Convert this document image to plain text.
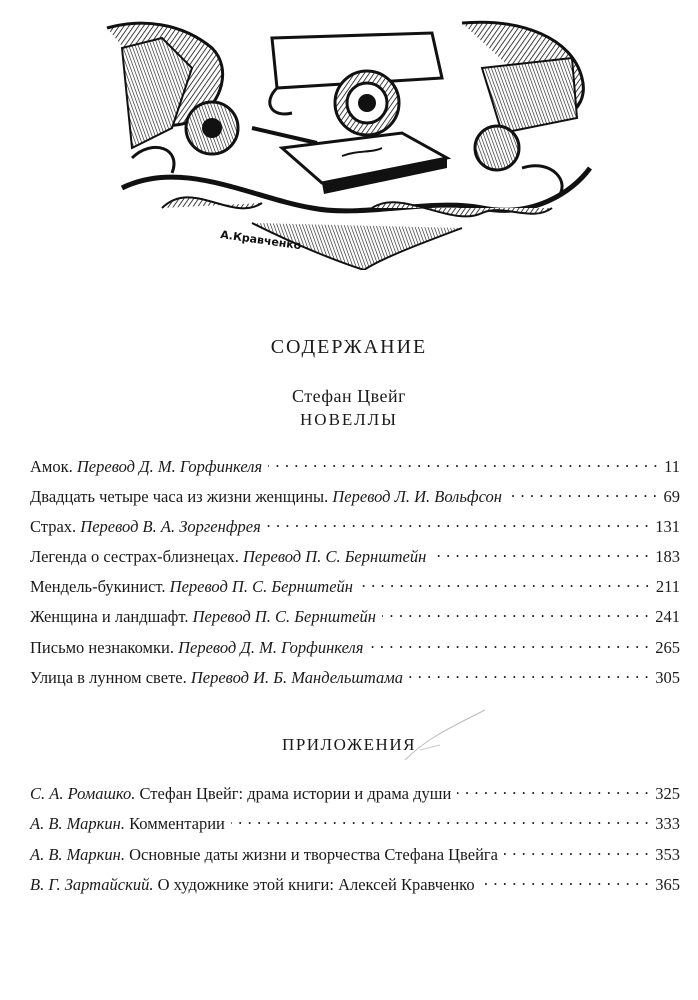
А.Кравченко
СОДЕРЖАНИЕ
Стефан Цвейг
НОВЕЛЛЫ
Амок. Перевод Д. М. Горфинкеля . . .	11
Двадцать четыре часа из жизни женщины. Перевод Л. И. Вольфсон . . .	69
Страх. Перевод В. А. Зоргенфрея . . .	131
Легенда о сестрах-близнецах. Перевод П. С. Бернштейн . . .	183
Мендель-букинист. Перевод П. С. Бернштейн . . .	211
Женщина и ландшафт. Перевод П. С. Бернштейн . . .	241
Письмо незнакомки. Перевод Д. М. Горфинкеля . . .	265
Улица в лунном свете. Перевод И. Б. Мандельштама . . .	305
ПРИЛОЖЕНИЯ
С. А. Ромашко. Стефан Цвейг: драма истории и драма души . . .	325
А. В. Маркин. Комментарии . . .	333
А. В. Маркин. Основные даты жизни и творчества Стефана Цвейга . . .	353
В. Г. Зартайский. О художнике этой книги: Алексей Кравченко . . .	365
